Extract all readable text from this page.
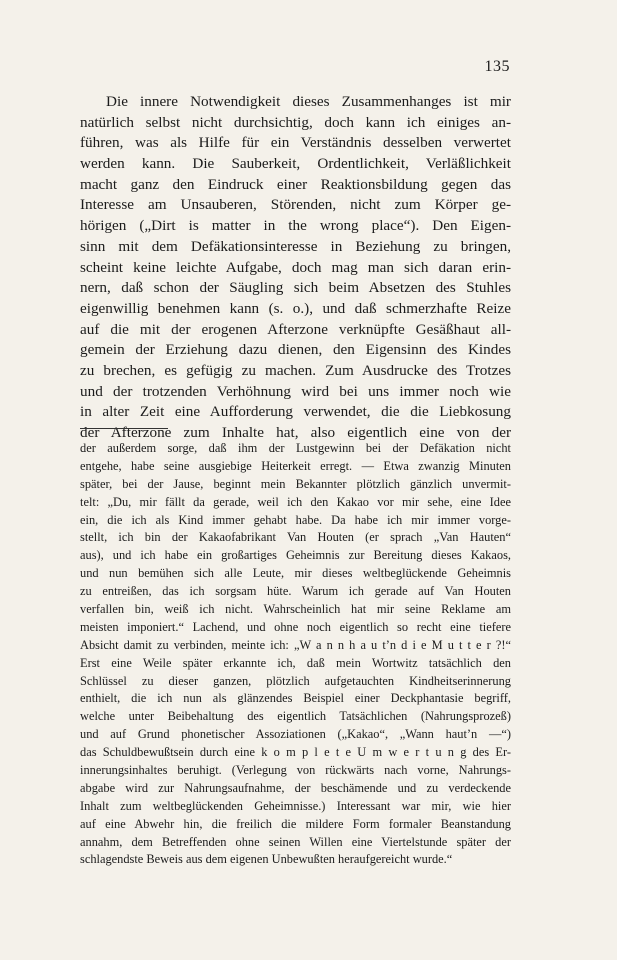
135
Die innere Notwendigkeit dieses Zusammenhanges ist mir
natürlich selbst nicht durchsichtig, doch kann ich einiges an-
führen, was als Hilfe für ein Verständnis desselben verwertet
werden kann. Die Sauberkeit, Ordentlichkeit, Verläßlichkeit
macht ganz den Eindruck einer Reaktionsbildung gegen das
Interesse am Unsauberen, Störenden, nicht zum Körper ge-
hörigen („Dirt is matter in the wrong place“). Den Eigen-
sinn mit dem Defäkationsinteresse in Beziehung zu bringen,
scheint keine leichte Aufgabe, doch mag man sich daran erin-
nern, daß schon der Säugling sich beim Absetzen des Stuhles
eigenwillig benehmen kann (s. o.), und daß schmerzhafte Reize
auf die mit der erogenen Afterzone verknüpfte Gesäßhaut all-
gemein der Erziehung dazu dienen, den Eigensinn des Kindes
zu brechen, es gefügig zu machen. Zum Ausdrucke des Trotzes
und der trotzenden Verhöhnung wird bei uns immer noch wie
in alter Zeit eine Aufforderung verwendet, die die Liebkosung
der Afterzone zum Inhalte hat, also eigentlich eine von der
der außerdem sorge, daß ihm der Lustgewinn bei der Defäkation nicht
entgehe, habe seine ausgiebige Heiterkeit erregt. — Etwa zwanzig Minuten
später, bei der Jause, beginnt mein Bekannter plötzlich gänzlich unvermit-
telt: „Du, mir fällt da gerade, weil ich den Kakao vor mir sehe, eine Idee
ein, die ich als Kind immer gehabt habe. Da habe ich mir immer vorge-
stellt, ich bin der Kakaofabrikant Van Houten (er sprach „Van Hauten“
aus), und ich habe ein großartiges Geheimnis zur Bereitung dieses Kakaos,
und nun bemühen sich alle Leute, mir dieses weltbeglückende Geheimnis
zu entreißen, das ich sorgsam hüte. Warum ich gerade auf Van Houten
verfallen bin, weiß ich nicht. Wahrscheinlich hat mir seine Reklame am
meisten imponiert.“ Lachend, und ohne noch eigentlich so recht eine tiefere
Absicht damit zu verbinden, meinte ich: „W a n n h a u t’n d i e M u t t e r ?!“
Erst eine Weile später erkannte ich, daß mein Wortwitz tatsächlich den
Schlüssel zu dieser ganzen, plötzlich aufgetauchten Kindheitserinnerung
enthielt, die ich nun als glänzendes Beispiel einer Deckphantasie begriff,
welche unter Beibehaltung des eigentlich Tatsächlichen (Nahrungsprozeß)
und auf Grund phonetischer Assoziationen („Kakao“, „Wann haut’n —“)
das Schuldbewußtsein durch eine k o m p l e t e U m w e r t u n g des Er-
innerungsinhaltes beruhigt. (Verlegung von rückwärts nach vorne, Nahrungs-
abgabe wird zur Nahrungsaufnahme, der beschämende und zu verdeckende
Inhalt zum weltbeglückenden Geheimnisse.) Interessant war mir, wie hier
auf eine Abwehr hin, die freilich die mildere Form formaler Beanstandung
annahm, dem Betreffenden ohne seinen Willen eine Viertelstunde später der
schlagendste Beweis aus dem eigenen Unbewußten heraufgereicht wurde.“
